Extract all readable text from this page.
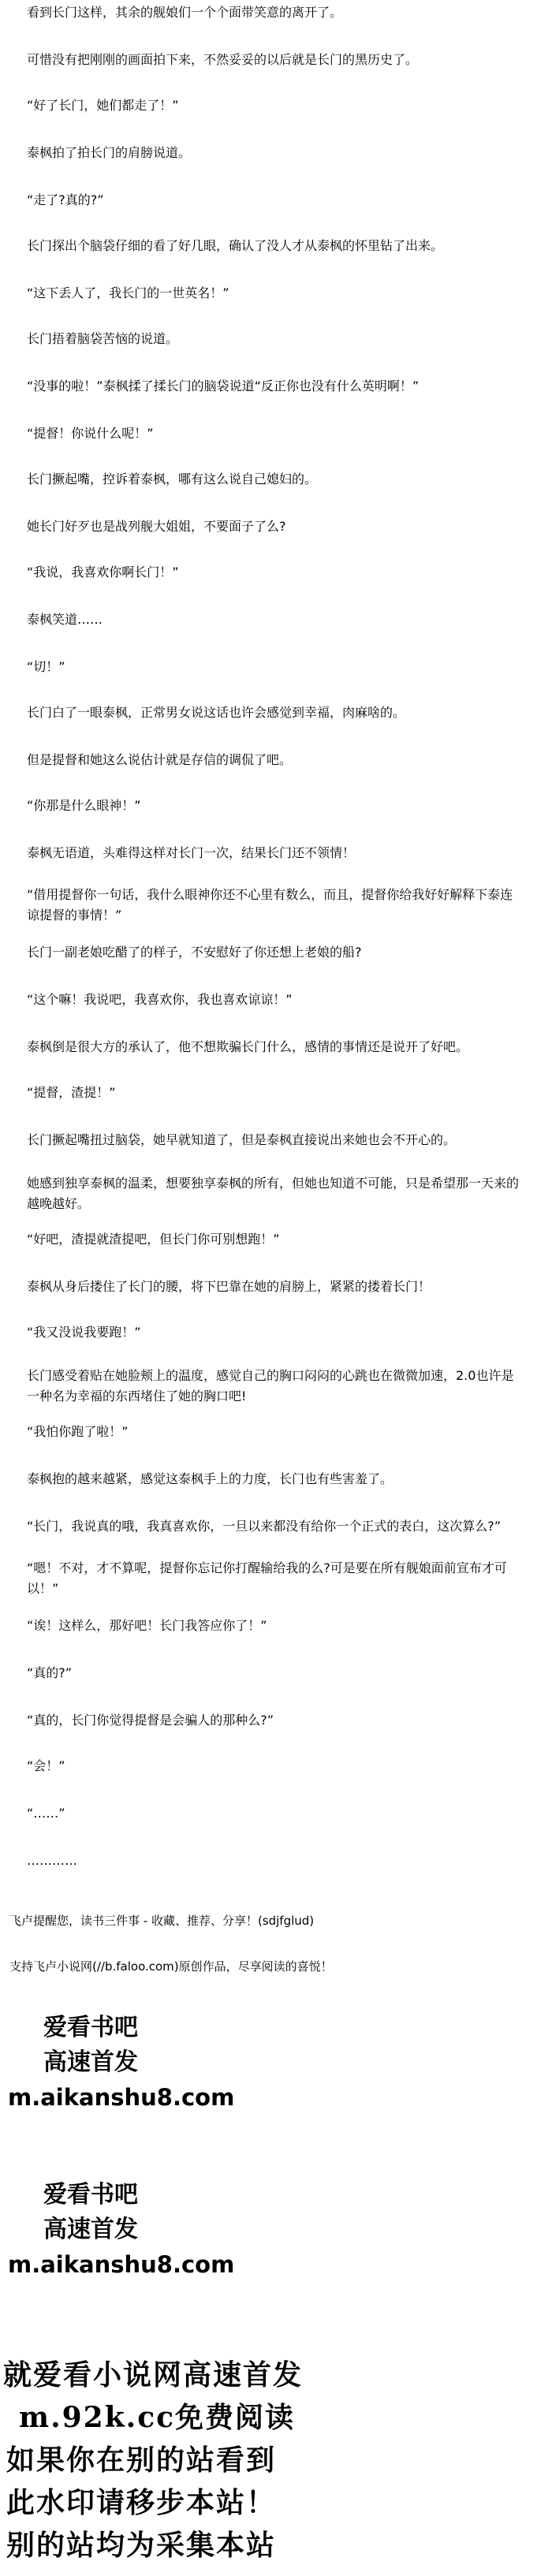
看到长门这样，其余的舰娘们一个个面带笑意的离开了。
可惜没有把刚刚的画面拍下来，不然妥妥的以后就是长门的黑历史了。
“好了长门，她们都走了！”
泰枫拍了拍长门的肩膀说道。
“走了?真的?”
长门探出个脑袋仔细的看了好几眼，确认了没人才从泰枫的怀里钻了出来。
“这下丢人了，我长门的一世英名！”
长门捂着脑袋苦恼的说道。
“没事的啦！”泰枫揉了揉长门的脑袋说道“反正你也没有什么英明啊！”
“提督！你说什么呢！”
长门撅起嘴，控诉着泰枫，哪有这么说自己媳妇的。
她长门好歹也是战列舰大姐姐，不要面子了么?
“我说，我喜欢你啊长门！”
泰枫笑道……
“切！”
长门白了一眼泰枫，正常男女说这话也许会感觉到幸福，肉麻啥的。
但是提督和她这么说估计就是存信的调侃了吧。
“你那是什么眼神！”
泰枫无语道，头难得这样对长门一次，结果长门还不领情！
“借用提督你一句话，我什么眼神你还不心里有数么，而且，提督你给我好好解释下泰连谅提督的事情！”
长门一副老娘吃醋了的样子，不安慰好了你还想上老娘的船?
“这个嘛！我说吧，我喜欢你，我也喜欢谅谅！”
泰枫倒是很大方的承认了，他不想欺骗长门什么，感情的事情还是说开了好吧。
“提督，渣提！”
长门撅起嘴扭过脑袋，她早就知道了，但是泰枫直接说出来她也会不开心的。
她感到独享泰枫的温柔，想要独享泰枫的所有，但她也知道不可能，只是希望那一天来的越晚越好。
“好吧，渣提就渣提吧，但长门你可别想跑！”
泰枫从身后搂住了长门的腰，将下巴靠在她的肩膀上，紧紧的搂着长门！
“我又没说我要跑！”
长门感受着贴在她脸颊上的温度，感觉自己的胸口闷闷的心跳也在微微加速，2.0也许是一种名为幸福的东西堵住了她的胸口吧!
“我怕你跑了啦！”
泰枫抱的越来越紧，感觉这泰枫手上的力度，长门也有些害羞了。
“长门，我说真的哦，我真喜欢你，一旦以来都没有给你一个正式的表白，这次算么?”
“嗯！不对，才不算呢，提督你忘记你打醒输给我的么?可是要在所有舰娘面前宣布才可以！”
“诶！这样么，那好吧！长门我答应你了！”
“真的?”
“真的，长门你觉得提督是会骗人的那种么?”
“会！”
“……”
…………
飞卢提醒您，读书三件事 - 收藏、推荐、分享！(sdjfglud)
支持飞卢小说网(//b.faloo.com)原创作品，尽享阅读的喜悦！
爱看书吧
高速首发
m.aikanshu8.com
爱看书吧
高速首发
m.aikanshu8.com
就爱看小说网高速首发
m.92k.cc免费阅读
如果你在别的站看到
此水印请移步本站！
别的站均为采集本站
